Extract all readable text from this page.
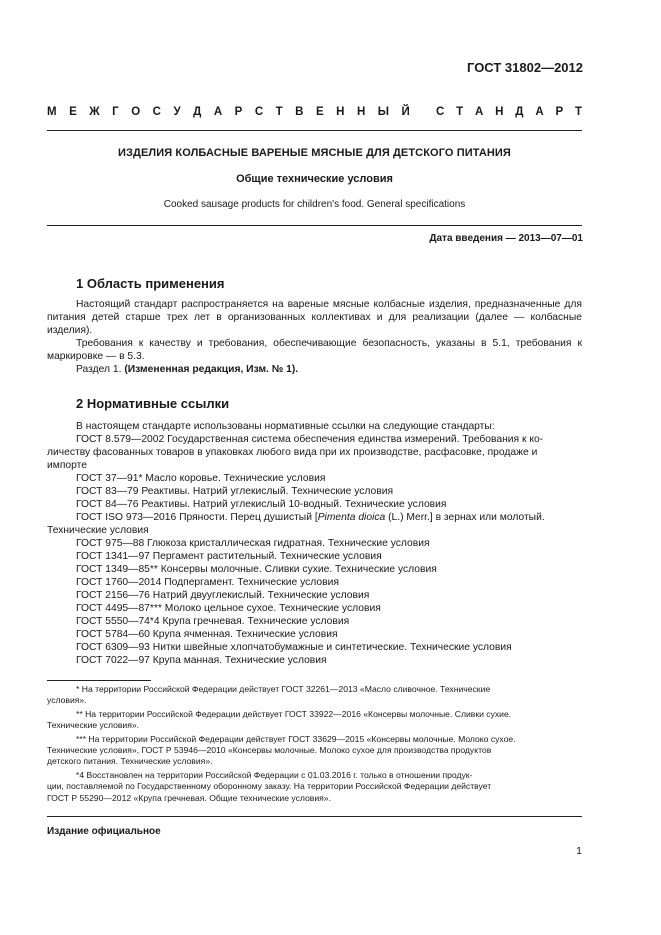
ГОСТ 31802—2012
М Е Ж Г О С У Д А Р С Т В Е Н Н Ы Й С Т А Н Д А Р Т
ИЗДЕЛИЯ КОЛБАСНЫЕ ВАРЕНЫЕ МЯСНЫЕ ДЛЯ ДЕТСКОГО ПИТАНИЯ
Общие технические условия
Cooked sausage products for children's food. General specifications
Дата введения — 2013—07—01
1 Область применения

Настоящий стандарт распространяется на вареные мясные колбасные изделия, предназначенные для питания детей старше трех лет в организованных коллективах и для реализации (далее — колбасные изделия).

Требования к качеству и требования, обеспечивающие безопасность, указаны в 5.1, требования к маркировке — в 5.3.

Раздел 1. (Измененная редакция, Изм. № 1).

2 Нормативные ссылки
В настоящем стандарте использованы нормативные ссылки на следующие стандарты:
ГОСТ 8.579—2002 Государственная система обеспечения единства измерений. Требования к ко-
личеству фасованных товаров в упаковках любого вида при их производстве, расфасовке, продаже и
импорте
ГОСТ 37—91* Масло коровье. Технические условия
ГОСТ 83—79 Реактивы. Натрий углекислый. Технические условия
ГОСТ 84—76 Реактивы. Натрий углекислый 10-водный. Технические условия
ГОСТ ISO 973—2016 Пряности. Перец душистый [Pimenta dioica (L.) Merr.] в зернах или молотый.
Технические условия
ГОСТ 975—88 Глюкоза кристаллическая гидратная. Технические условия
ГОСТ 1341—97 Пергамент растительный. Технические условия
ГОСТ 1349—85** Консервы молочные. Сливки сухие. Технические условия
ГОСТ 1760—2014 Подпергамент. Технические условия
ГОСТ 2156—76 Натрий двууглекислый. Технические условия
ГОСТ 4495—87*** Молоко цельное сухое. Технические условия
ГОСТ 5550—74*4 Крупа гречневая. Технические условия
ГОСТ 5784—60 Крупа ячменная. Технические условия
ГОСТ 6309—93 Нитки швейные хлопчатобумажные и синтетические. Технические условия
ГОСТ 7022—97 Крупа манная. Технические условия
* На территории Российской Федерации действует ГОСТ 32261—2013 «Масло сливочное. Технические
условия».
** На территории Российской Федерации действует ГОСТ 33922—2016 «Консервы молочные. Сливки сухие.
Технические условия».
*** На территории Российской Федерации действует ГОСТ 33629—2015 «Консервы молочные. Молоко сухое.
Технические условия», ГОСТ Р 53946—2010 «Консервы молочные. Молоко сухое для производства продуктов
детского питания. Технические условия».
*4 Восстановлен на территории Российской Федерации с 01.03.2016 г. только в отношении продук-
ции, поставляемой по Государственному оборонному заказу. На территории Российской Федерации действует
ГОСТ Р 55290—2012 «Крупа гречневая. Общие технические условия».
Издание официальное
1
